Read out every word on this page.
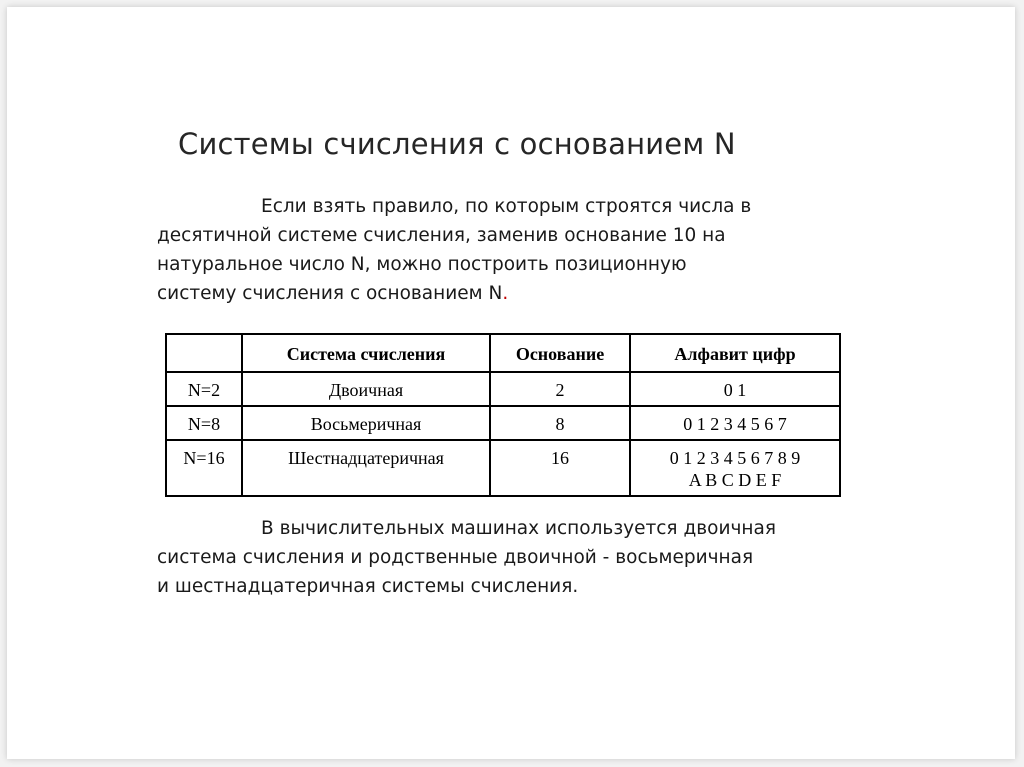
Системы счисления с основанием N
Если взять правило, по которым строятся числа в
десятичной системе счисления, заменив основание 10 на
натуральное число N, можно построить позиционную
систему счисления с основанием N.
	Система счисления	Основание	Алфавит цифр
N=2	Двоичная	2	0 1

N=8	Восьмеричная	8	0 1 2 3 4 5 6 7

N=16	Шестнадцатеричная	16	0 1 2 3 4 5 6 7 8 9
A B C D E F
В вычислительных машинах используется двоичная
система счисления и родственные двоичной - восьмеричная
и шестнадцатеричная системы счисления.
